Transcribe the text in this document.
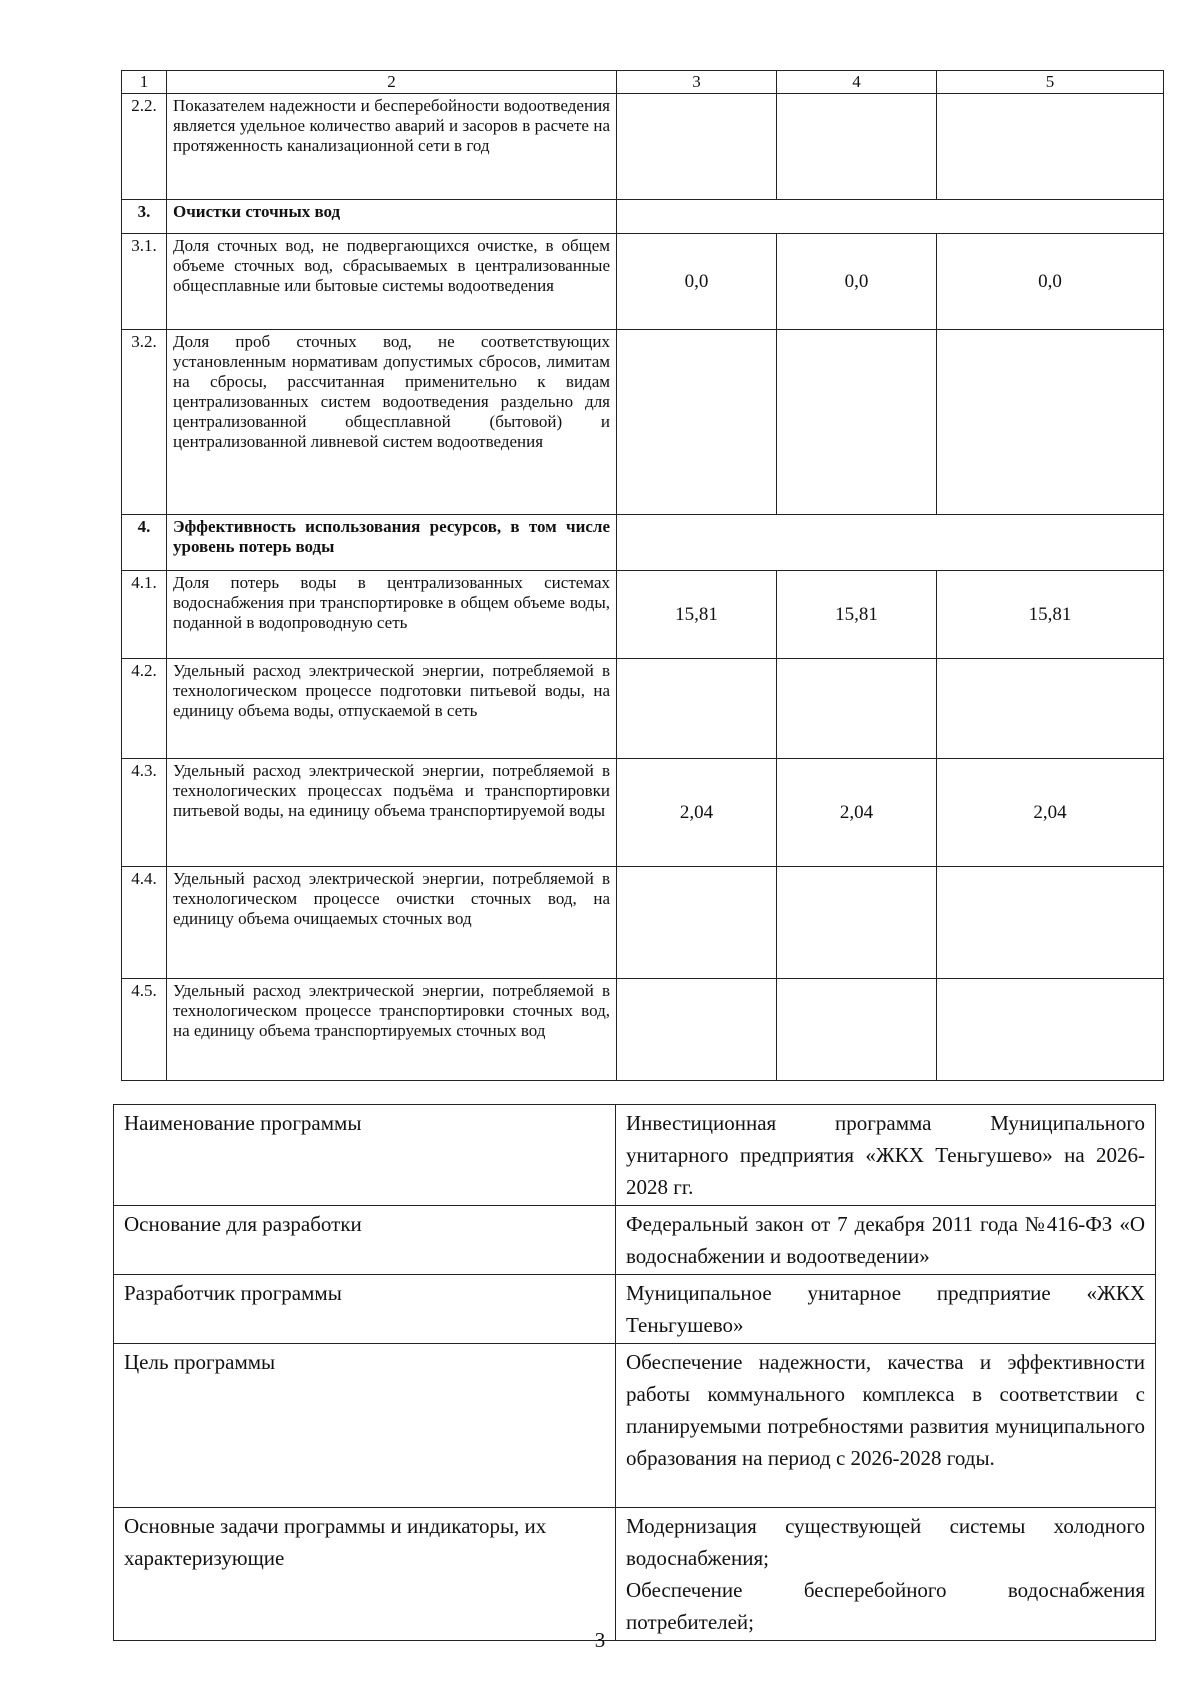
1	2	3	4	5
2.2.	Показателем надежности и бесперебойности водоотведения является удельное количество аварий и засоров в расчете на протяженность канализационной сети в год			
3.	Очистки сточных вод			
3.1.	Доля сточных вод, не подвергающихся очистке, в общем объеме сточных вод, сбрасываемых в централизованные общесплавные или бытовые системы водоотведения	0,0	0,0	0,0
3.2.	Доля проб сточных вод, не соответствующих установленным нормативам допустимых сбросов, лимитам на сбросы, рассчитанная применительно к видам централизованных систем водоотведения раздельно для централизованной общесплавной (бытовой) и централизованной ливневой систем водоотведения			
4.	Эффективность использования ресурсов, в том числе уровень потерь воды			
4.1.	Доля потерь воды в централизованных системах водоснабжения при транспортировке в общем объеме воды, поданной в водопроводную сеть	15,81	15,81	15,81
4.2.	Удельный расход электрической энергии, потребляемой в технологическом процессе подготовки питьевой воды, на единицу объема воды, отпускаемой в сеть			
4.3.	Удельный расход электрической энергии, потребляемой в технологических процессах подъёма и транспортировки питьевой воды, на единицу объема транспортируемой воды	2,04	2,04	2,04
4.4.	Удельный расход электрической энергии, потребляемой в технологическом процессе очистки сточных вод, на единицу объема очищаемых сточных вод			
4.5.	Удельный расход электрической энергии, потребляемой в технологическом процессе транспортировки сточных вод, на единицу объема транспортируемых сточных вод			
Наименование программы	Инвестиционная программа Муниципального унитарного предприятия «ЖКХ Теньгушево» на 2026-2028 гг.
Основание для разработки	Федеральный закон от 7 декабря 2011 года №416-ФЗ «О водоснабжении и водоотведении»
Разработчик программы	Муниципальное унитарное предприятие «ЖКХ Теньгушево»
Цель программы	Обеспечение надежности, качества и эффективности работы коммунального комплекса в соответствии с планируемыми потребностями развития муниципального образования на период с 2026-2028 годы.
Основные задачи программы и индикаторы, их характеризующие	Модернизация существующей системы холодного водоснабжения;
Обеспечение бесперебойного водоснабжения потребителей;
3
